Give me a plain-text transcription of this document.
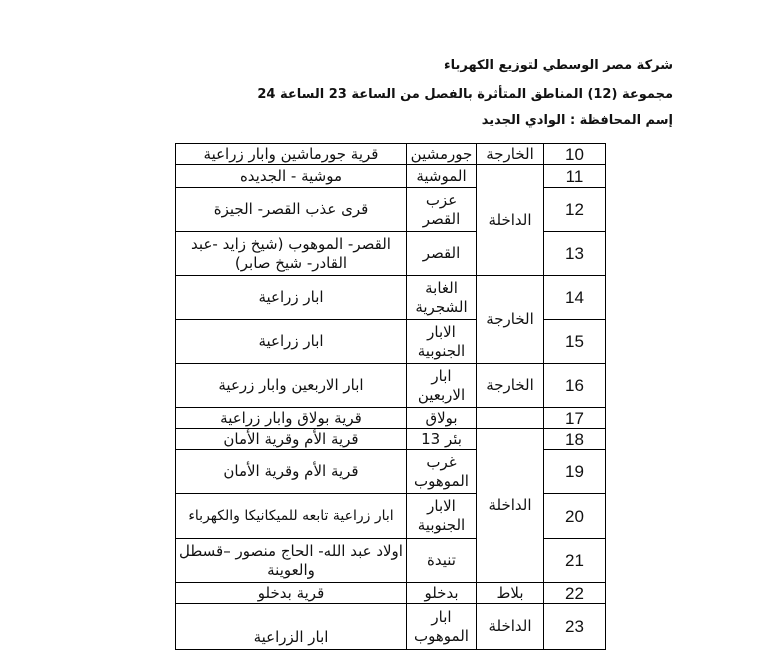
شركة مصر الوسطي لتوزيع الكهرباء
مجموعة (12) المناطق المتأثرة بالفصل من الساعة 23 الساعة 24
إسم المحافظة : الوادي الجديد
10	الخارجة	جورمشين	قرية جورماشين وابار زراعية
11	الداخلة	الموشية	موشية - الجديده
12		عزب القصر	قرى عذب القصر- الجيزة
13		القصر	القصر- الموهوب (شيخ زايد -عبد القادر- شيخ صابر)
14	الخارجة	الغابة الشجرية	ابار زراعية
15		الابار الجنوبية	ابار زراعية
16	الخارجة	ابار الاربعين	ابار الاربعين وابار زرعية
17		بولاق	قرية بولاق وابار زراعية
18	الداخلة	بئر 13	قرية الأم وقرية الأمان
19		غرب الموهوب	قرية الأم وقرية الأمان
20		الابار الجنوبية	ابار زراعية تابعه للميكانيكا والكهرباء
21		تنيدة	اولاد عبد الله- الحاج منصور –قسطل والعوينة
22	بلاط	بدخلو	قرية بدخلو
23	الداخلة	ابار الموهوب	ابار الزراعية
